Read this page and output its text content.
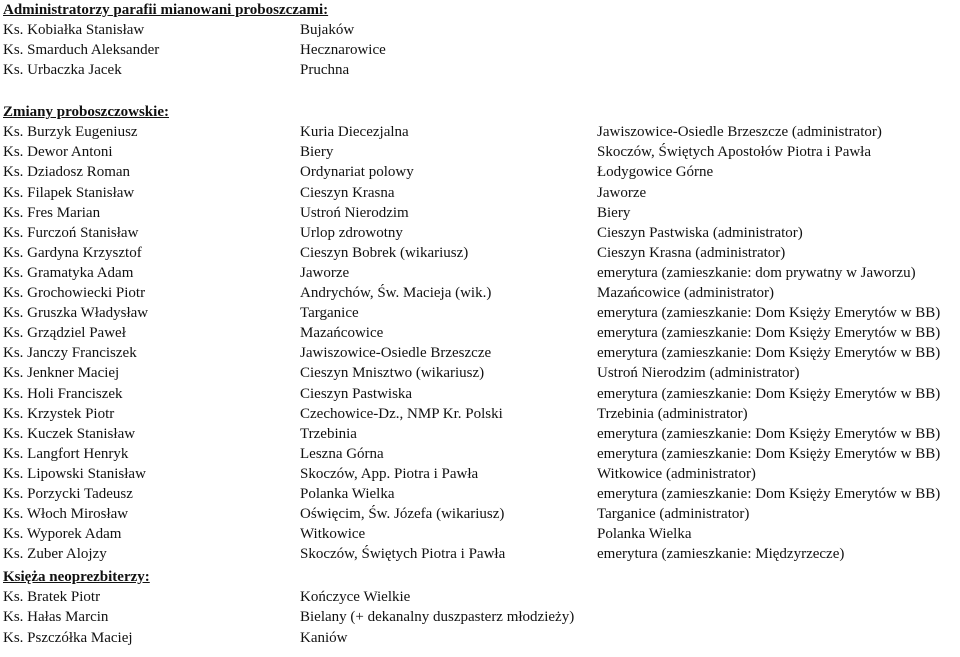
Administratorzy parafii mianowani proboszczami:
Ks. Kobiałka Stanisław	Bujaków
Ks. Smarduch Aleksander	Hecznarowice
Ks. Urbaczka Jacek	Pruchna
Zmiany proboszczowskie:
Ks. Burzyk Eugeniusz	Kuria Diecezjalna	Jawiszowice-Osiedle Brzeszcze (administrator)
Ks. Dewor Antoni	Biery	Skoczów, Świętych Apostołów Piotra i Pawła
Ks. Dziadosz Roman	Ordynariat polowy	Łodygowice Górne
Ks. Filapek Stanisław	Cieszyn Krasna	Jaworze
Ks. Fres Marian	Ustroń Nierodzim	Biery
Ks. Furczoń Stanisław	Urlop zdrowotny	Cieszyn Pastwiska (administrator)
Ks. Gardyna Krzysztof	Cieszyn Bobrek (wikariusz)	Cieszyn Krasna (administrator)
Ks. Gramatyka Adam	Jaworze	emerytura (zamieszkanie: dom prywatny w Jaworzu)
Ks. Grochowiecki Piotr	Andrychów, Św. Macieja (wik.)	Mazańcowice (administrator)
Ks. Gruszka Władysław	Targanice	emerytura (zamieszkanie: Dom Księży Emerytów w BB)
Ks. Grządziel Paweł	Mazańcowice	emerytura (zamieszkanie: Dom Księży Emerytów w BB)
Ks. Janczy Franciszek	Jawiszowice-Osiedle Brzeszcze	emerytura (zamieszkanie: Dom Księży Emerytów w BB)
Ks. Jenkner Maciej	Cieszyn Mnisztwo (wikariusz)	Ustroń Nierodzim (administrator)
Ks. Holi Franciszek	Cieszyn Pastwiska	emerytura (zamieszkanie: Dom Księży Emerytów w BB)
Ks. Krzystek Piotr	Czechowice-Dz., NMP Kr. Polski	Trzebinia (administrator)
Ks. Kuczek Stanisław	Trzebinia	emerytura (zamieszkanie: Dom Księży Emerytów w BB)
Ks. Langfort Henryk	Leszna Górna	emerytura (zamieszkanie: Dom Księży Emerytów w BB)
Ks. Lipowski Stanisław	Skoczów, App. Piotra i Pawła	Witkowice (administrator)
Ks. Porzycki Tadeusz	Polanka Wielka	emerytura (zamieszkanie: Dom Księży Emerytów w BB)
Ks. Włoch Mirosław	Oświęcim, Św. Józefa (wikariusz)	Targanice (administrator)
Ks. Wyporek Adam	Witkowice	Polanka Wielka
Ks. Zuber Alojzy	Skoczów, Świętych Piotra i Pawła	emerytura (zamieszkanie: Międzyrzecze)
Księża neoprezbiterzy:
Ks. Bratek Piotr	Kończyce Wielkie
Ks. Hałas Marcin	Bielany (+ dekanalny duszpasterz młodzieży)
Ks. Pszczółka Maciej	Kaniów
